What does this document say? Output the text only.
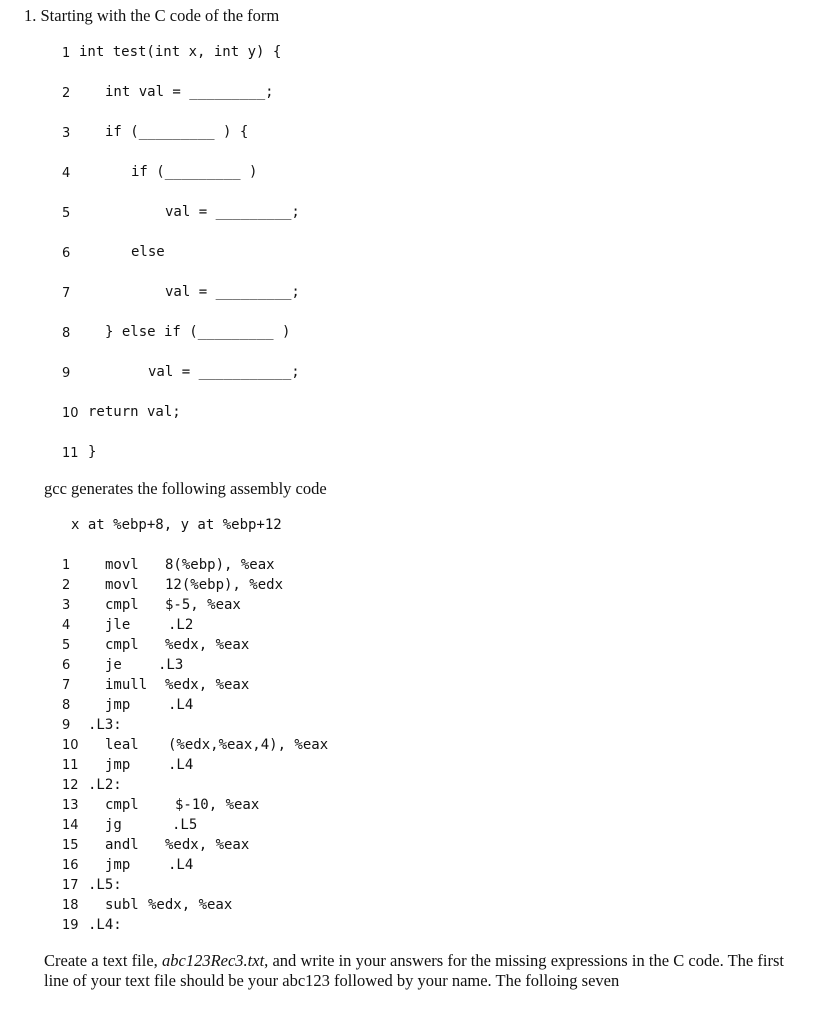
1. Starting with the C code of the form
1 int test(int x, int y) {
2 int val = _________;
3 if (_________ ) {
4	if (_________ )
5	val = _________;
6	else
7	val = _________;
8 } else if (_________ )
9	val = ___________;
10 return val;
11 }
gcc generates the following assembly code
x at %ebp+8, y at %ebp+12
1 movl 8(%ebp), %eax
2 movl 12(%ebp), %edx
3 cmpl $-5, %eax
4 jle	.L2
5 cmpl %edx, %eax
6 je	.L3
7 imull %edx, %eax
8 jmp	.L4
9 .L3:
10 leal (%edx,%eax,4), %eax
11 jmp	.L4
12 .L2:
13 cmpl	$-10, %eax
14 jg	.L5
15 andl %edx, %eax
16 jmp	.L4
17 .L5:
18 subl %edx, %eax
19 .L4:
Create a text file, abc123Rec3.txt, and write in your answers for the missing expressions in the C code. The first line of your text file should be your abc123 followed by your name. The folloing seven
